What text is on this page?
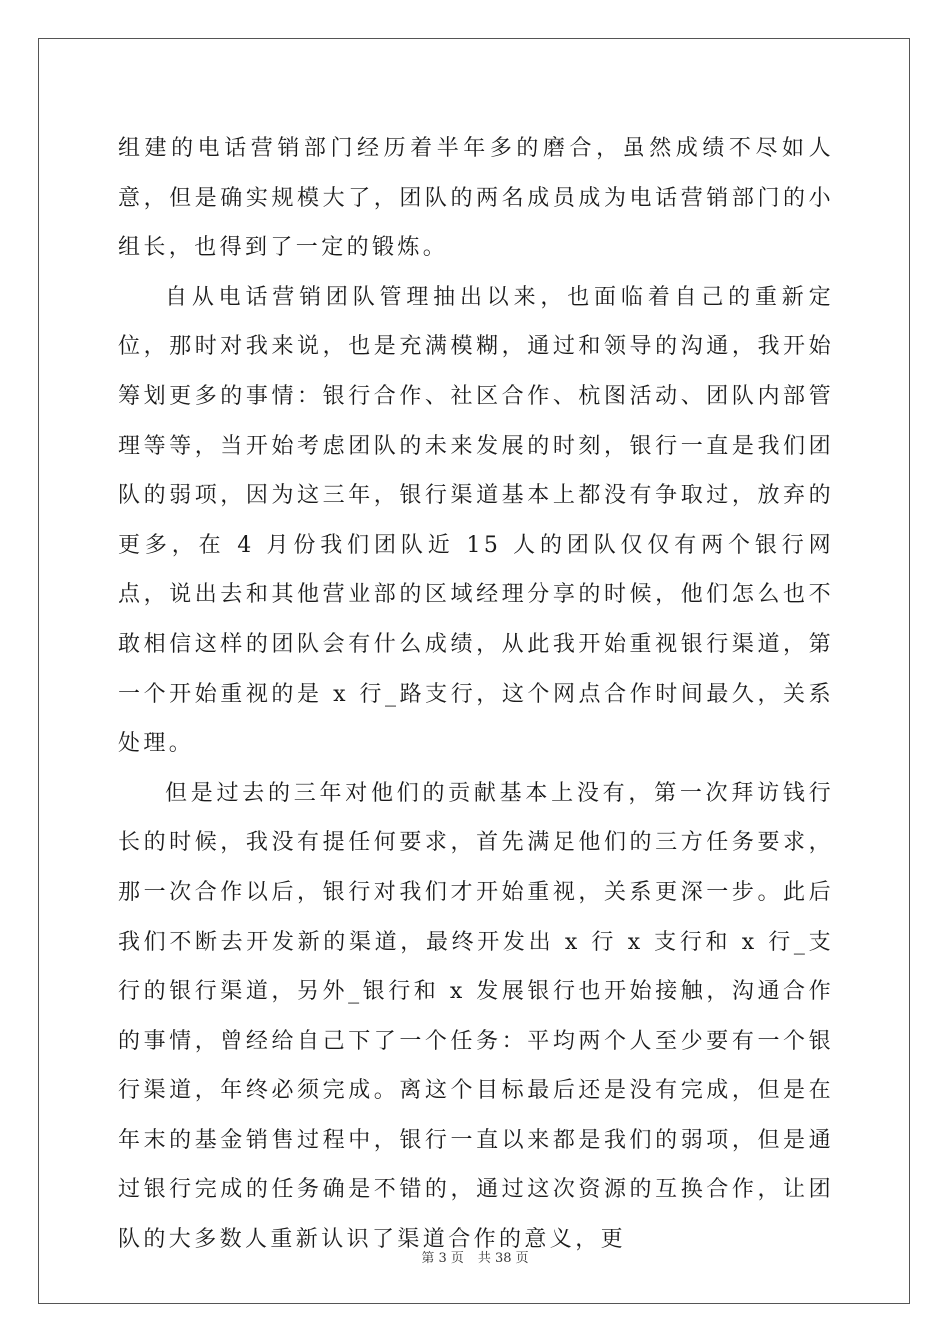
组建的电话营销部门经历着半年多的磨合，虽然成绩不尽如人意，但是确实规模大了，团队的两名成员成为电话营销部门的小组长，也得到了一定的锻炼。

自从电话营销团队管理抽出以来，也面临着自己的重新定位，那时对我来说，也是充满模糊，通过和领导的沟通，我开始筹划更多的事情：银行合作、社区合作、杭图活动、团队内部管理等等，当开始考虑团队的未来发展的时刻，银行一直是我们团队的弱项，因为这三年，银行渠道基本上都没有争取过，放弃的更多，在 4 月份我们团队近 15 人的团队仅仅有两个银行网点，说出去和其他营业部的区域经理分享的时候，他们怎么也不敢相信这样的团队会有什么成绩，从此我开始重视银行渠道，第一个开始重视的是 x 行_路支行，这个网点合作时间最久，关系处理。

但是过去的三年对他们的贡献基本上没有，第一次拜访钱行长的时候，我没有提任何要求，首先满足他们的三方任务要求，那一次合作以后，银行对我们才开始重视，关系更深一步。此后我们不断去开发新的渠道，最终开发出 x 行 x 支行和 x 行_支行的银行渠道，另外_银行和 x 发展银行也开始接触，沟通合作的事情，曾经给自己下了一个任务：平均两个人至少要有一个银行渠道，年终必须完成。离这个目标最后还是没有完成，但是在年末的基金销售过程中，银行一直以来都是我们的弱项，但是通过银行完成的任务确是不错的，通过这次资源的互换合作，让团队的大多数人重新认识了渠道合作的意义，更

第 3 页 共 38 页
